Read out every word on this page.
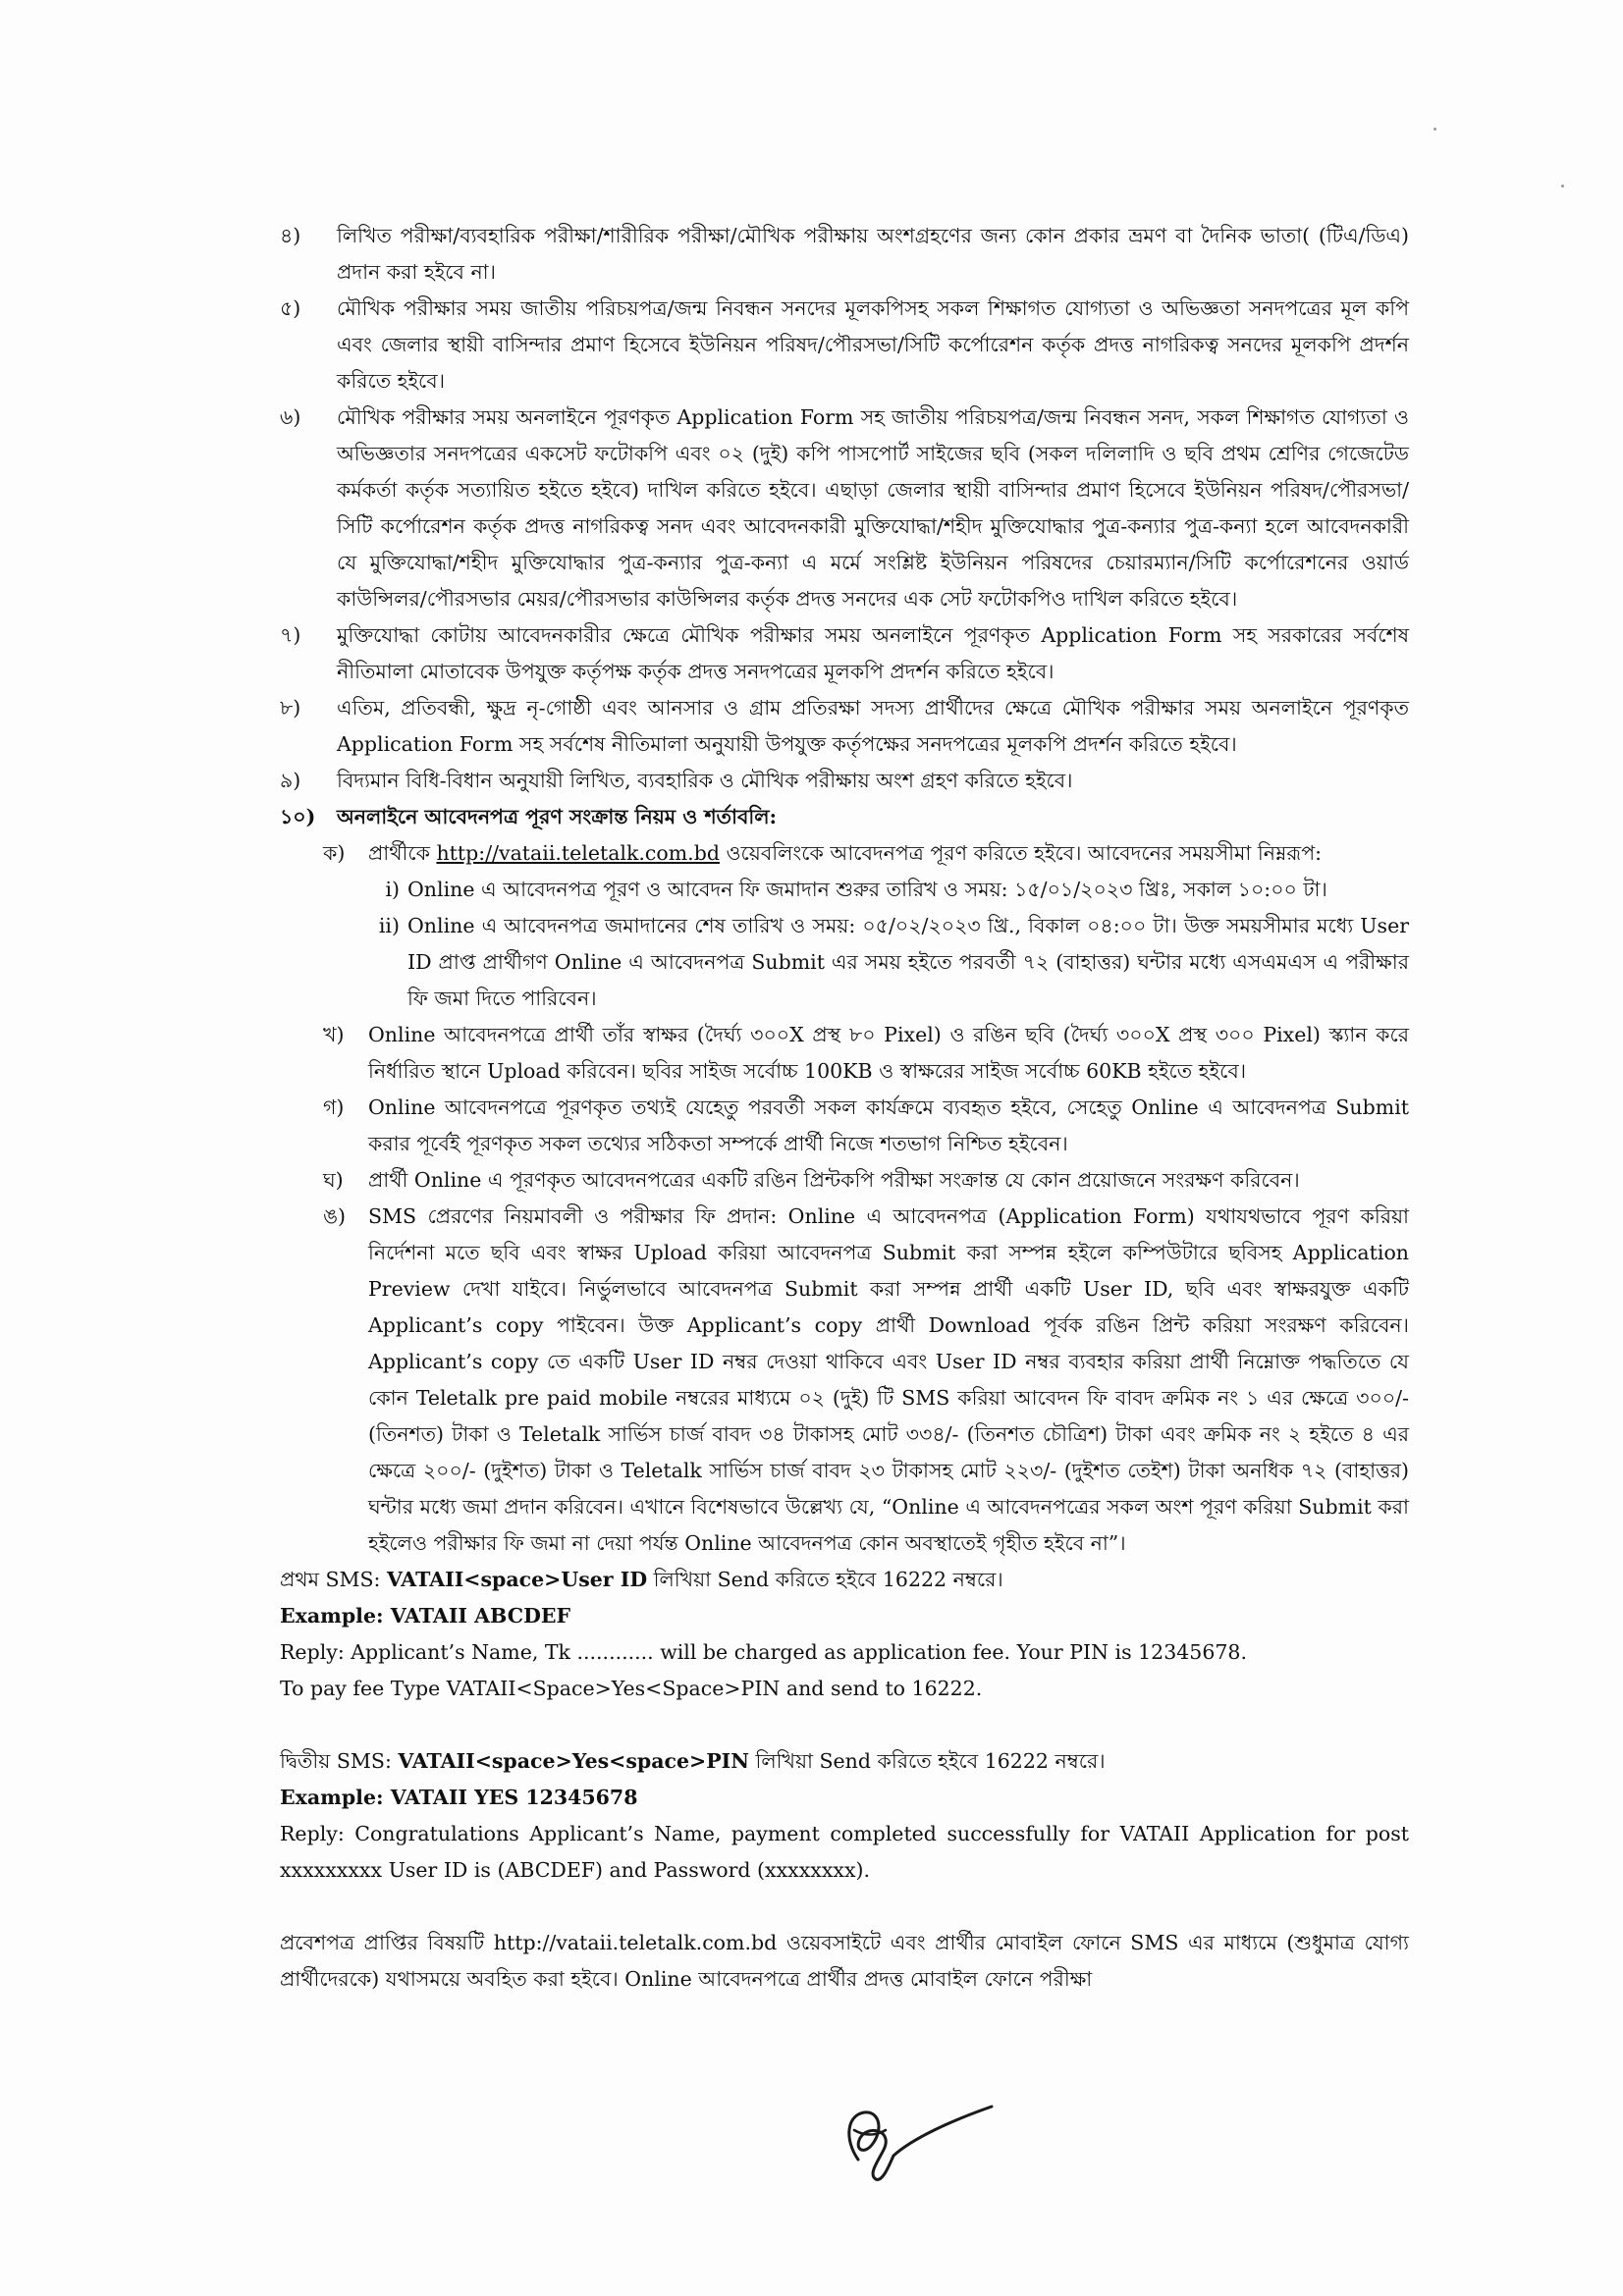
৪)	লিখিত পরীক্ষা/ব্যবহারিক পরীক্ষা/শারীরিক পরীক্ষা/মৌখিক পরীক্ষায় অংশগ্রহণের জন্য কোন প্রকার ভ্রমণ বা দৈনিক ভাতা( (টিএ/ডিএ) প্রদান করা হইবে না।
৫)	মৌখিক পরীক্ষার সময় জাতীয় পরিচয়পত্র/জন্ম নিবন্ধন সনদের মূলকপিসহ সকল শিক্ষাগত যোগ্যতা ও অভিজ্ঞতা সনদপত্রের মূল কপি এবং জেলার স্থায়ী বাসিন্দার প্রমাণ হিসেবে ইউনিয়ন পরিষদ/পৌরসভা/সিটি কর্পোরেশন কর্তৃক প্রদত্ত নাগরিকত্ব সনদের মূলকপি প্রদর্শন করিতে হইবে।
৬)	মৌখিক পরীক্ষার সময় অনলাইনে পূরণকৃত Application Form সহ জাতীয় পরিচয়পত্র/জন্ম নিবন্ধন সনদ, সকল শিক্ষাগত যোগ্যতা ও অভিজ্ঞতার সনদপত্রের একসেট ফটোকপি এবং ০২ (দুই) কপি পাসপোর্ট সাইজের ছবি (সকল দলিলাদি ও ছবি প্রথম শ্রেণির গেজেটেড কর্মকর্তা কর্তৃক সত্যায়িত হইতে হইবে) দাখিল করিতে হইবে। এছাড়া জেলার স্থায়ী বাসিন্দার প্রমাণ হিসেবে ইউনিয়ন পরিষদ/পৌরসভা/সিটি কর্পোরেশন কর্তৃক প্রদত্ত নাগরিকত্ব সনদ এবং আবেদনকারী মুক্তিযোদ্ধা/শহীদ মুক্তিযোদ্ধার পুত্র-কন্যার পুত্র-কন্যা হলে আবেদনকারী যে মুক্তিযোদ্ধা/শহীদ মুক্তিযোদ্ধার পুত্র-কন্যার পুত্র-কন্যা এ মর্মে সংশ্লিষ্ট ইউনিয়ন পরিষদের চেয়ারম্যান/সিটি কর্পোরেশনের ওয়ার্ড কাউন্সিলর/পৌরসভার মেয়র/পৌরসভার কাউন্সিলর কর্তৃক প্রদত্ত সনদের এক সেট ফটোকপিও দাখিল করিতে হইবে।
৭)	মুক্তিযোদ্ধা কোটায় আবেদনকারীর ক্ষেত্রে মৌখিক পরীক্ষার সময় অনলাইনে পূরণকৃত Application Form সহ সরকারের সর্বশেষ নীতিমালা মোতাবেক উপযুক্ত কর্তৃপক্ষ কর্তৃক প্রদত্ত সনদপত্রের মূলকপি প্রদর্শন করিতে হইবে।
৮)	এতিম, প্রতিবন্ধী, ক্ষুদ্র নৃ-গোষ্ঠী এবং আনসার ও গ্রাম প্রতিরক্ষা সদস্য প্রার্থীদের ক্ষেত্রে মৌখিক পরীক্ষার সময় অনলাইনে পূরণকৃত Application Form সহ সর্বশেষ নীতিমালা অনুযায়ী উপযুক্ত কর্তৃপক্ষের সনদপত্রের মূলকপি প্রদর্শন করিতে হইবে।
৯)	বিদ্যমান বিধি-বিধান অনুযায়ী লিখিত, ব্যবহারিক ও মৌখিক পরীক্ষায় অংশ গ্রহণ করিতে হইবে।
১০)	অনলাইনে আবেদনপত্র পূরণ সংক্রান্ত নিয়ম ও শর্তাবলি:
ক)	প্রার্থীকে http://vataii.teletalk.com.bd ওয়েবলিংকে আবেদনপত্র পূরণ করিতে হইবে। আবেদনের সময়সীমা নিম্নরূপ:
i) Online এ আবেদনপত্র পূরণ ও আবেদন ফি জমাদান শুরুর তারিখ ও সময়: ১৫/০১/২০২৩ খ্রিঃ, সকাল ১০:০০ টা।
ii) Online এ আবেদনপত্র জমাদানের শেষ তারিখ ও সময়: ০৫/০২/২০২৩ খ্রি., বিকাল ০৪:০০ টা। উক্ত সময়সীমার মধ্যে User ID প্রাপ্ত প্রার্থীগণ Online এ আবেদনপত্র Submit এর সময় হইতে পরবর্তী ৭২ (বাহাত্তর) ঘন্টার মধ্যে এসএমএস এ পরীক্ষার ফি জমা দিতে পারিবেন।
খ)	Online আবেদনপত্রে প্রার্থী তাঁর স্বাক্ষর (দৈর্ঘ্য ৩০০X প্রস্থ ৮০ Pixel) ও রঙিন ছবি (দৈর্ঘ্য ৩০০X প্রস্থ ৩০০ Pixel) স্ক্যান করে নির্ধারিত স্থানে Upload করিবেন। ছবির সাইজ সর্বোচ্চ 100KB ও স্বাক্ষরের সাইজ সর্বোচ্চ 60KB হইতে হইবে।
গ)	Online আবেদনপত্রে পূরণকৃত তথ্যই যেহেতু পরবর্তী সকল কার্যক্রমে ব্যবহৃত হইবে, সেহেতু Online এ আবেদনপত্র Submit করার পূর্বেই পূরণকৃত সকল তথ্যের সঠিকতা সম্পর্কে প্রার্থী নিজে শতভাগ নিশ্চিত হইবেন।
ঘ)	প্রার্থী Online এ পূরণকৃত আবেদনপত্রের একটি রঙিন প্রিন্টকপি পরীক্ষা সংক্রান্ত যে কোন প্রয়োজনে সংরক্ষণ করিবেন।
ঙ)	SMS প্রেরণের নিয়মাবলী ও পরীক্ষার ফি প্রদান: Online এ আবেদনপত্র (Application Form) যথাযথভাবে পূরণ করিয়া নির্দেশনা মতে ছবি এবং স্বাক্ষর Upload করিয়া আবেদনপত্র Submit করা সম্পন্ন হইলে কম্পিউটারে ছবিসহ Application Preview দেখা যাইবে। নির্ভুলভাবে আবেদনপত্র Submit করা সম্পন্ন প্রার্থী একটি User ID, ছবি এবং স্বাক্ষরযুক্ত একটি Applicant’s copy পাইবেন। উক্ত Applicant’s copy প্রার্থী Download পূর্বক রঙিন প্রিন্ট করিয়া সংরক্ষণ করিবেন। Applicant’s copy তে একটি User ID নম্বর দেওয়া থাকিবে এবং User ID নম্বর ব্যবহার করিয়া প্রার্থী নিম্নোক্ত পদ্ধতিতে যে কোন Teletalk pre paid mobile নম্বরের মাধ্যমে ০২ (দুই) টি SMS করিয়া আবেদন ফি বাবদ ক্রমিক নং ১ এর ক্ষেত্রে ৩০০/-(তিনশত) টাকা ও Teletalk সার্ভিস চার্জ বাবদ ৩৪ টাকাসহ মোট ৩৩৪/- (তিনশত চৌত্রিশ) টাকা এবং ক্রমিক নং ২ হইতে ৪ এর ক্ষেত্রে ২০০/- (দুইশত) টাকা ও Teletalk সার্ভিস চার্জ বাবদ ২৩ টাকাসহ মোট ২২৩/- (দুইশত তেইশ) টাকা অনধিক ৭২ (বাহাত্তর) ঘন্টার মধ্যে জমা প্রদান করিবেন। এখানে বিশেষভাবে উল্লেখ্য যে, “Online এ আবেদনপত্রের সকল অংশ পূরণ করিয়া Submit করা হইলেও পরীক্ষার ফি জমা না দেয়া পর্যন্ত Online আবেদনপত্র কোন অবস্থাতেই গৃহীত হইবে না”।
প্রথম SMS: VATAII<space>User ID লিখিয়া Send করিতে হইবে 16222 নম্বরে।
Example: VATAII ABCDEF
Reply: Applicant’s Name, Tk ............ will be charged as application fee. Your PIN is 12345678.
To pay fee Type VATAII<Space>Yes<Space>PIN and send to 16222.
দ্বিতীয় SMS: VATAII<space>Yes<space>PIN লিখিয়া Send করিতে হইবে 16222 নম্বরে।
Example: VATAII YES 12345678
Reply: Congratulations Applicant’s Name, payment completed successfully for VATAII Application for post xxxxxxxxx User ID is (ABCDEF) and Password (xxxxxxxx).
প্রবেশপত্র প্রাপ্তির বিষয়টি http://vataii.teletalk.com.bd ওয়েবসাইটে এবং প্রার্থীর মোবাইল ফোনে SMS এর মাধ্যমে (শুধুমাত্র যোগ্য প্রার্থীদেরকে) যথাসময়ে অবহিত করা হইবে। Online আবেদনপত্রে প্রার্থীর প্রদত্ত মোবাইল ফোনে পরীক্ষা
